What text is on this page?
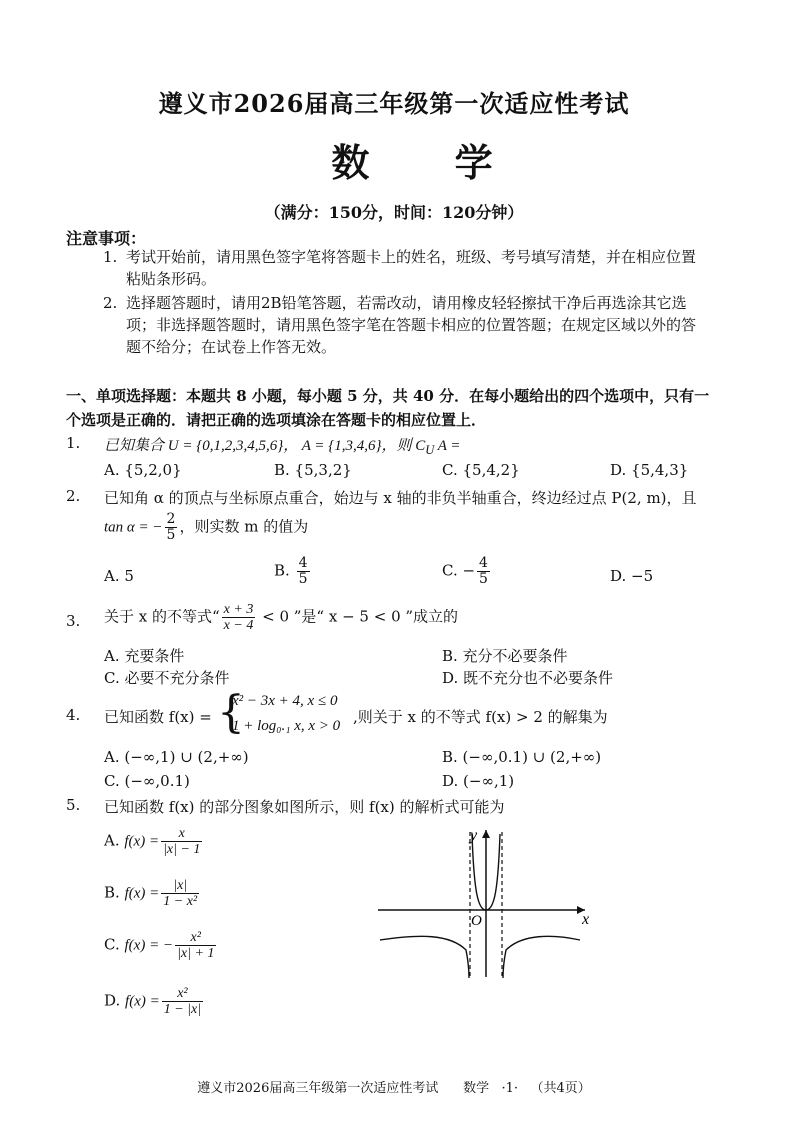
遵义市2026届高三年级第一次适应性考试
数 学
（满分：150分，时间：120分钟）
注意事项：
1. 考试开始前，请用黑色签字笔将答题卡上的姓名，班级、考号填写清楚，并在相应位置
粘贴条形码。
2. 选择题答题时，请用2B铅笔答题，若需改动，请用橡皮轻轻擦拭干净后再选涂其它选
项；非选择题答题时，请用黑色签字笔在答题卡相应的位置答题；在规定区域以外的答
题不给分；在试卷上作答无效。
一、单项选择题：本题共 8 小题，每小题 5 分，共 40 分．在每小题给出的四个选项中，只有一
个选项是正确的．请把正确的选项填涂在答题卡的相应位置上．
1. 已知集合 U = {0,1,2,3,4,5,6}， A = {1,3,4,6}，则 $C_U$ A =
A. {5,2,0}	B. {5,3,2}	C. {5,4,2}	D. {5,4,3}
2. 已知角 α 的顶点与坐标原点重合，始边与 x 轴的非负半轴重合，终边经过点 P(2, m)，且
tan α = − $\frac{2}{5}$ ，则实数 m 的值为
A. 5	B. $\frac{4}{5}$	C. − $\frac{4}{5}$	D. −5
3. 关于 x 的不等式“ $\frac{x + 3}{x - 4} < 0$ ”是“ x − 5 < 0 ”成立的
A. 充要条件	B. 充分不必要条件
C. 必要不充分条件	D. 既不充分也不必要条件
4. 已知函数 f(x) = {
x² − 3x + 4, x ≤ 0
1 + log₀.₁ x, x > 0 ,则关于 x 的不等式 f(x) > 2 的解集为
A. (−∞,1) ∪ (2,+∞)	B. (−∞,0.1) ∪ (2,+∞)
C. (−∞,0.1)	D. (−∞,1)
5. 已知函数 f(x) 的部分图象如图所示，则 f(x) 的解析式可能为
A. $f(x) = \frac{x}{|x| - 1}$
B. $f(x) = \frac{|x|}{\text{1 − x²}}$
C. f(x) = − $\frac{\text{x²}}{|x| + 1}$
D. $f(x) = \frac{\text{x²}}{1 - |x|}$
x
y
O
遵义市2026届高三年级第一次适应性考试      数学   ·1·   （共4页）
